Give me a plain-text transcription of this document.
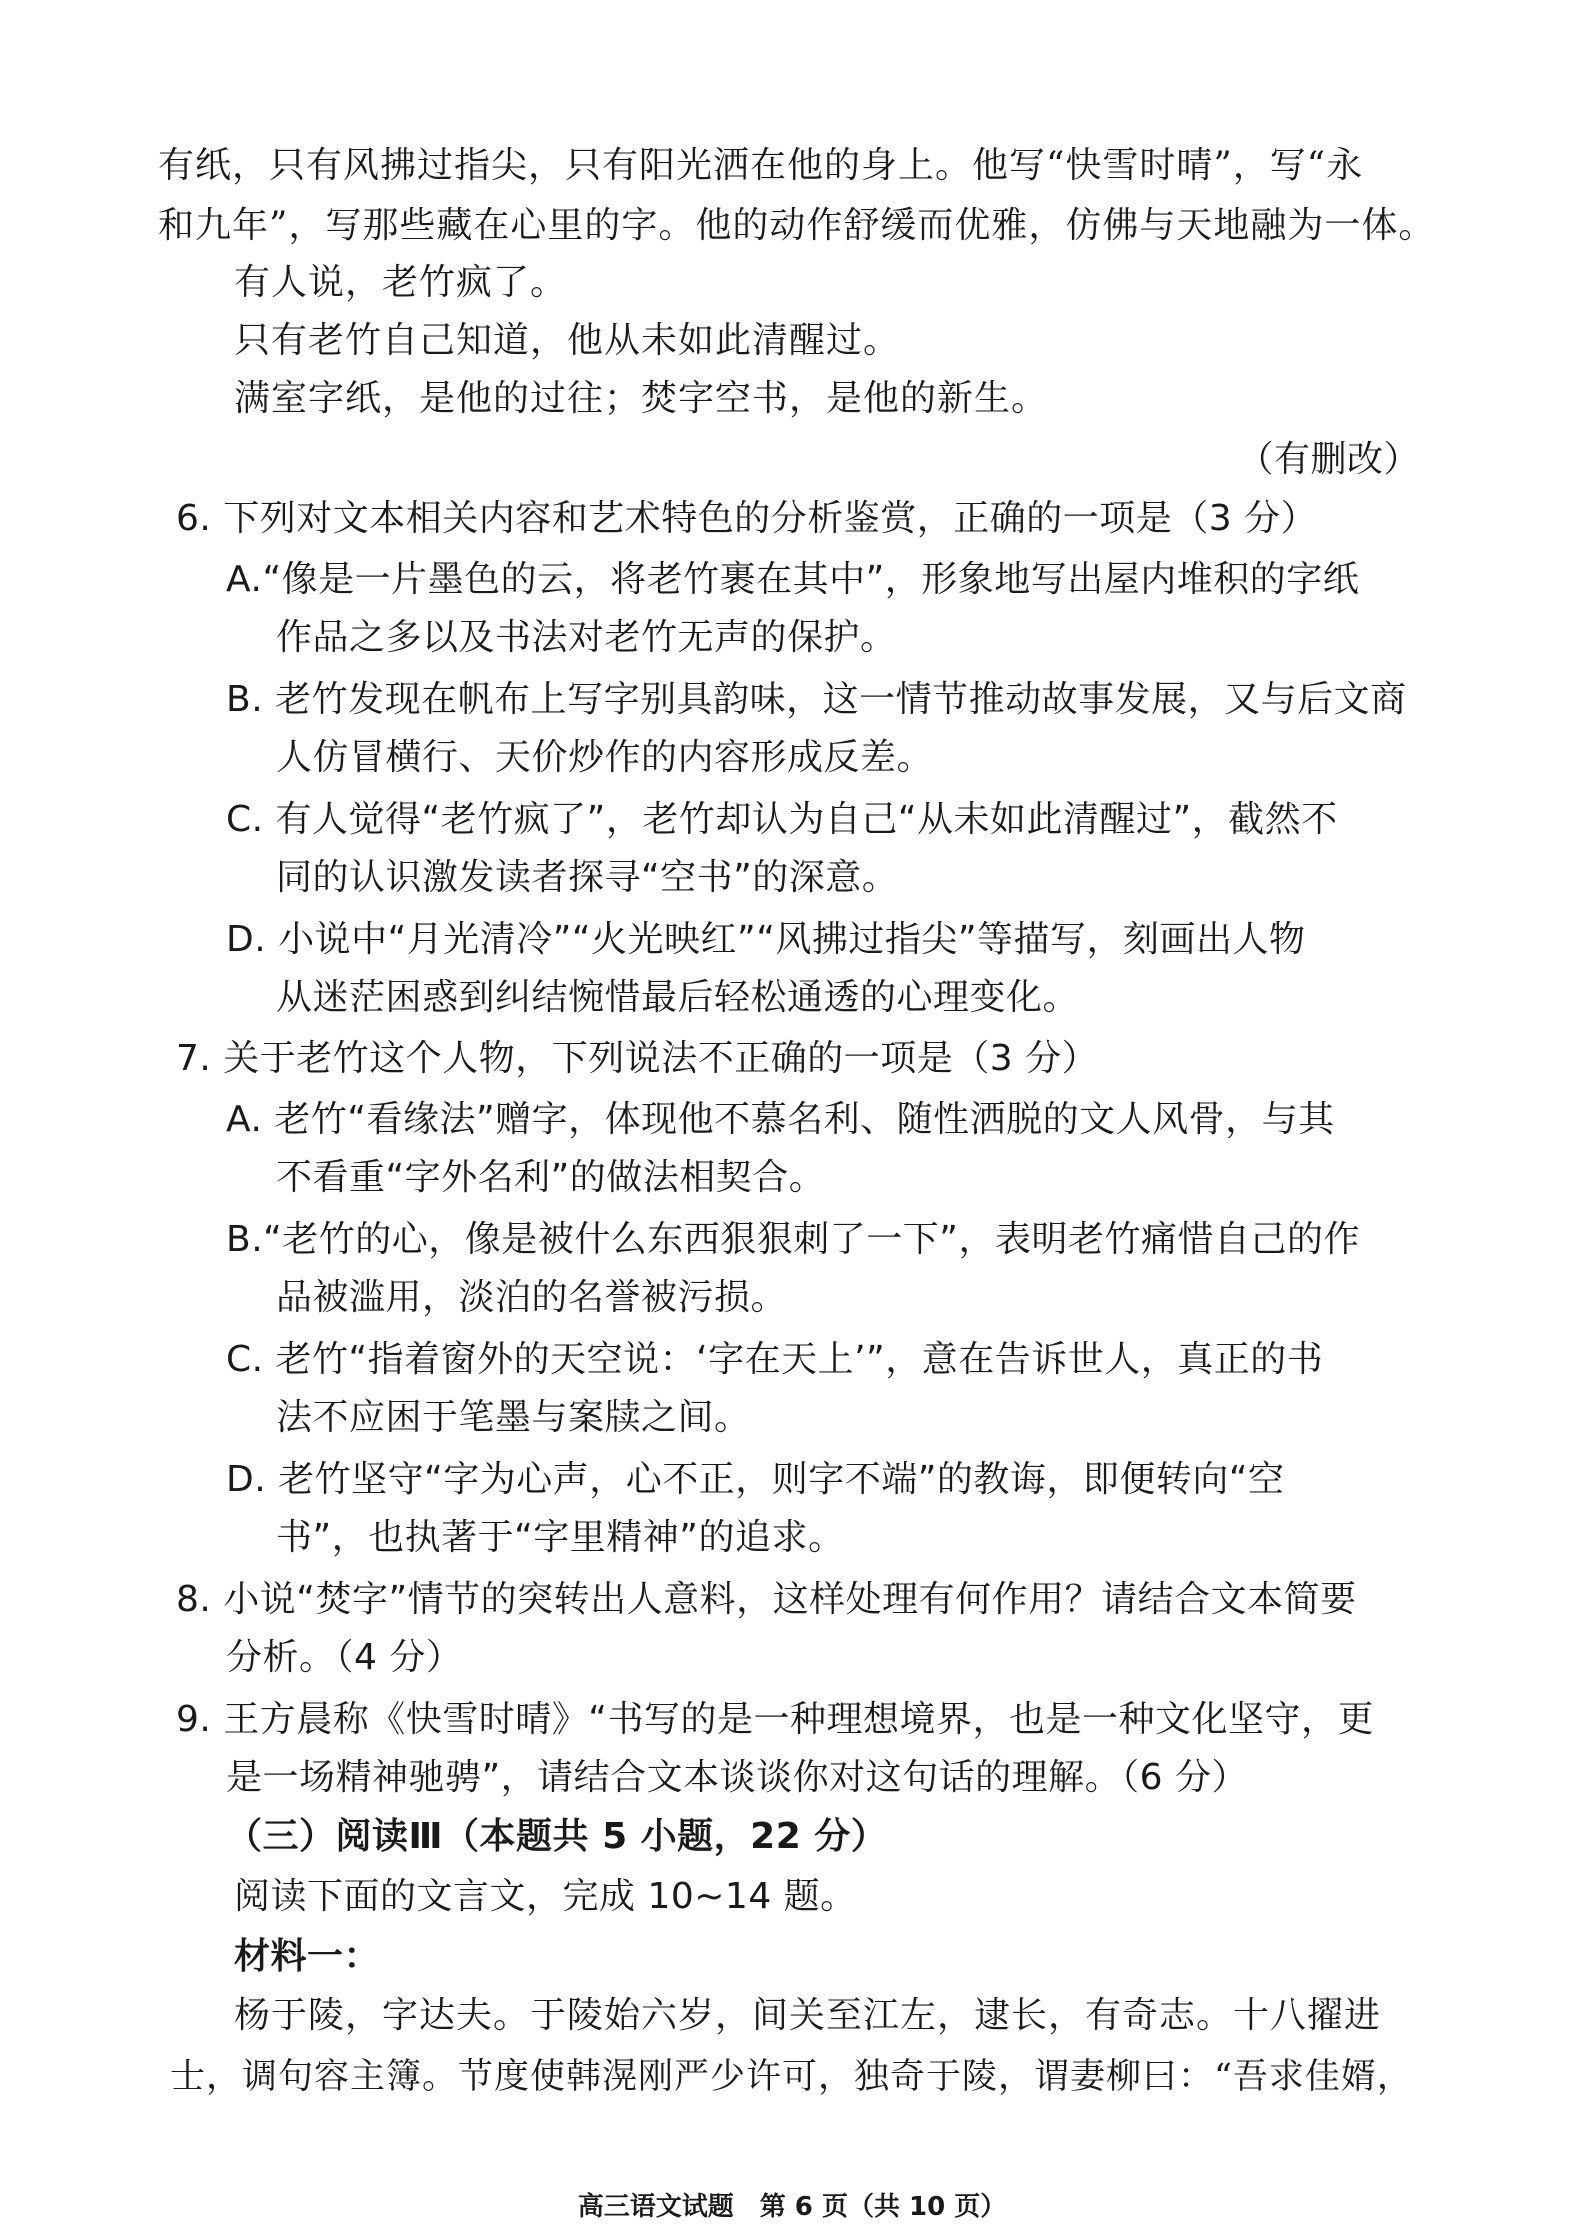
有纸，只有风拂过指尖，只有阳光洒在他的身上。他写“快雪时晴”，写“永
和九年”，写那些藏在心里的字。他的动作舒缓而优雅，仿佛与天地融为一体。
有人说，老竹疯了。
只有老竹自己知道，他从未如此清醒过。
满室字纸，是他的过往；焚字空书，是他的新生。
（有删改）
6. 下列对文本相关内容和艺术特色的分析鉴赏，正确的一项是（3 分）
A.“像是一片墨色的云，将老竹裹在其中”，形象地写出屋内堆积的字纸
作品之多以及书法对老竹无声的保护。
B. 老竹发现在帆布上写字别具韵味，这一情节推动故事发展，又与后文商
人仿冒横行、天价炒作的内容形成反差。
C. 有人觉得“老竹疯了”，老竹却认为自己“从未如此清醒过”，截然不
同的认识激发读者探寻“空书”的深意。
D. 小说中“月光清冷”“火光映红”“风拂过指尖”等描写，刻画出人物
从迷茫困惑到纠结惋惜最后轻松通透的心理变化。
7. 关于老竹这个人物，下列说法不正确的一项是（3 分）
A. 老竹“看缘法”赠字，体现他不慕名利、随性洒脱的文人风骨，与其
不看重“字外名利”的做法相契合。
B.“老竹的心，像是被什么东西狠狠刺了一下”，表明老竹痛惜自己的作
品被滥用，淡泊的名誉被污损。
C. 老竹“指着窗外的天空说：‘字在天上’”，意在告诉世人，真正的书
法不应困于笔墨与案牍之间。
D. 老竹坚守“字为心声，心不正，则字不端”的教诲，即便转向“空
书”，也执著于“字里精神”的追求。
8. 小说“焚字”情节的突转出人意料，这样处理有何作用？请结合文本简要
分析。（4 分）
9. 王方晨称《快雪时晴》“书写的是一种理想境界，也是一种文化坚守，更
是一场精神驰骋”，请结合文本谈谈你对这句话的理解。（6 分）
（三）阅读Ⅲ（本题共 5 小题，22 分）
阅读下面的文言文，完成 10~14 题。
材料一：
杨于陵，字达夫。于陵始六岁，间关至江左，逮长，有奇志。十八擢进
士，调句容主簿。节度使韩滉刚严少许可，独奇于陵，谓妻柳曰：“吾求佳婿，
高三语文试题　第 6 页（共 10 页）
